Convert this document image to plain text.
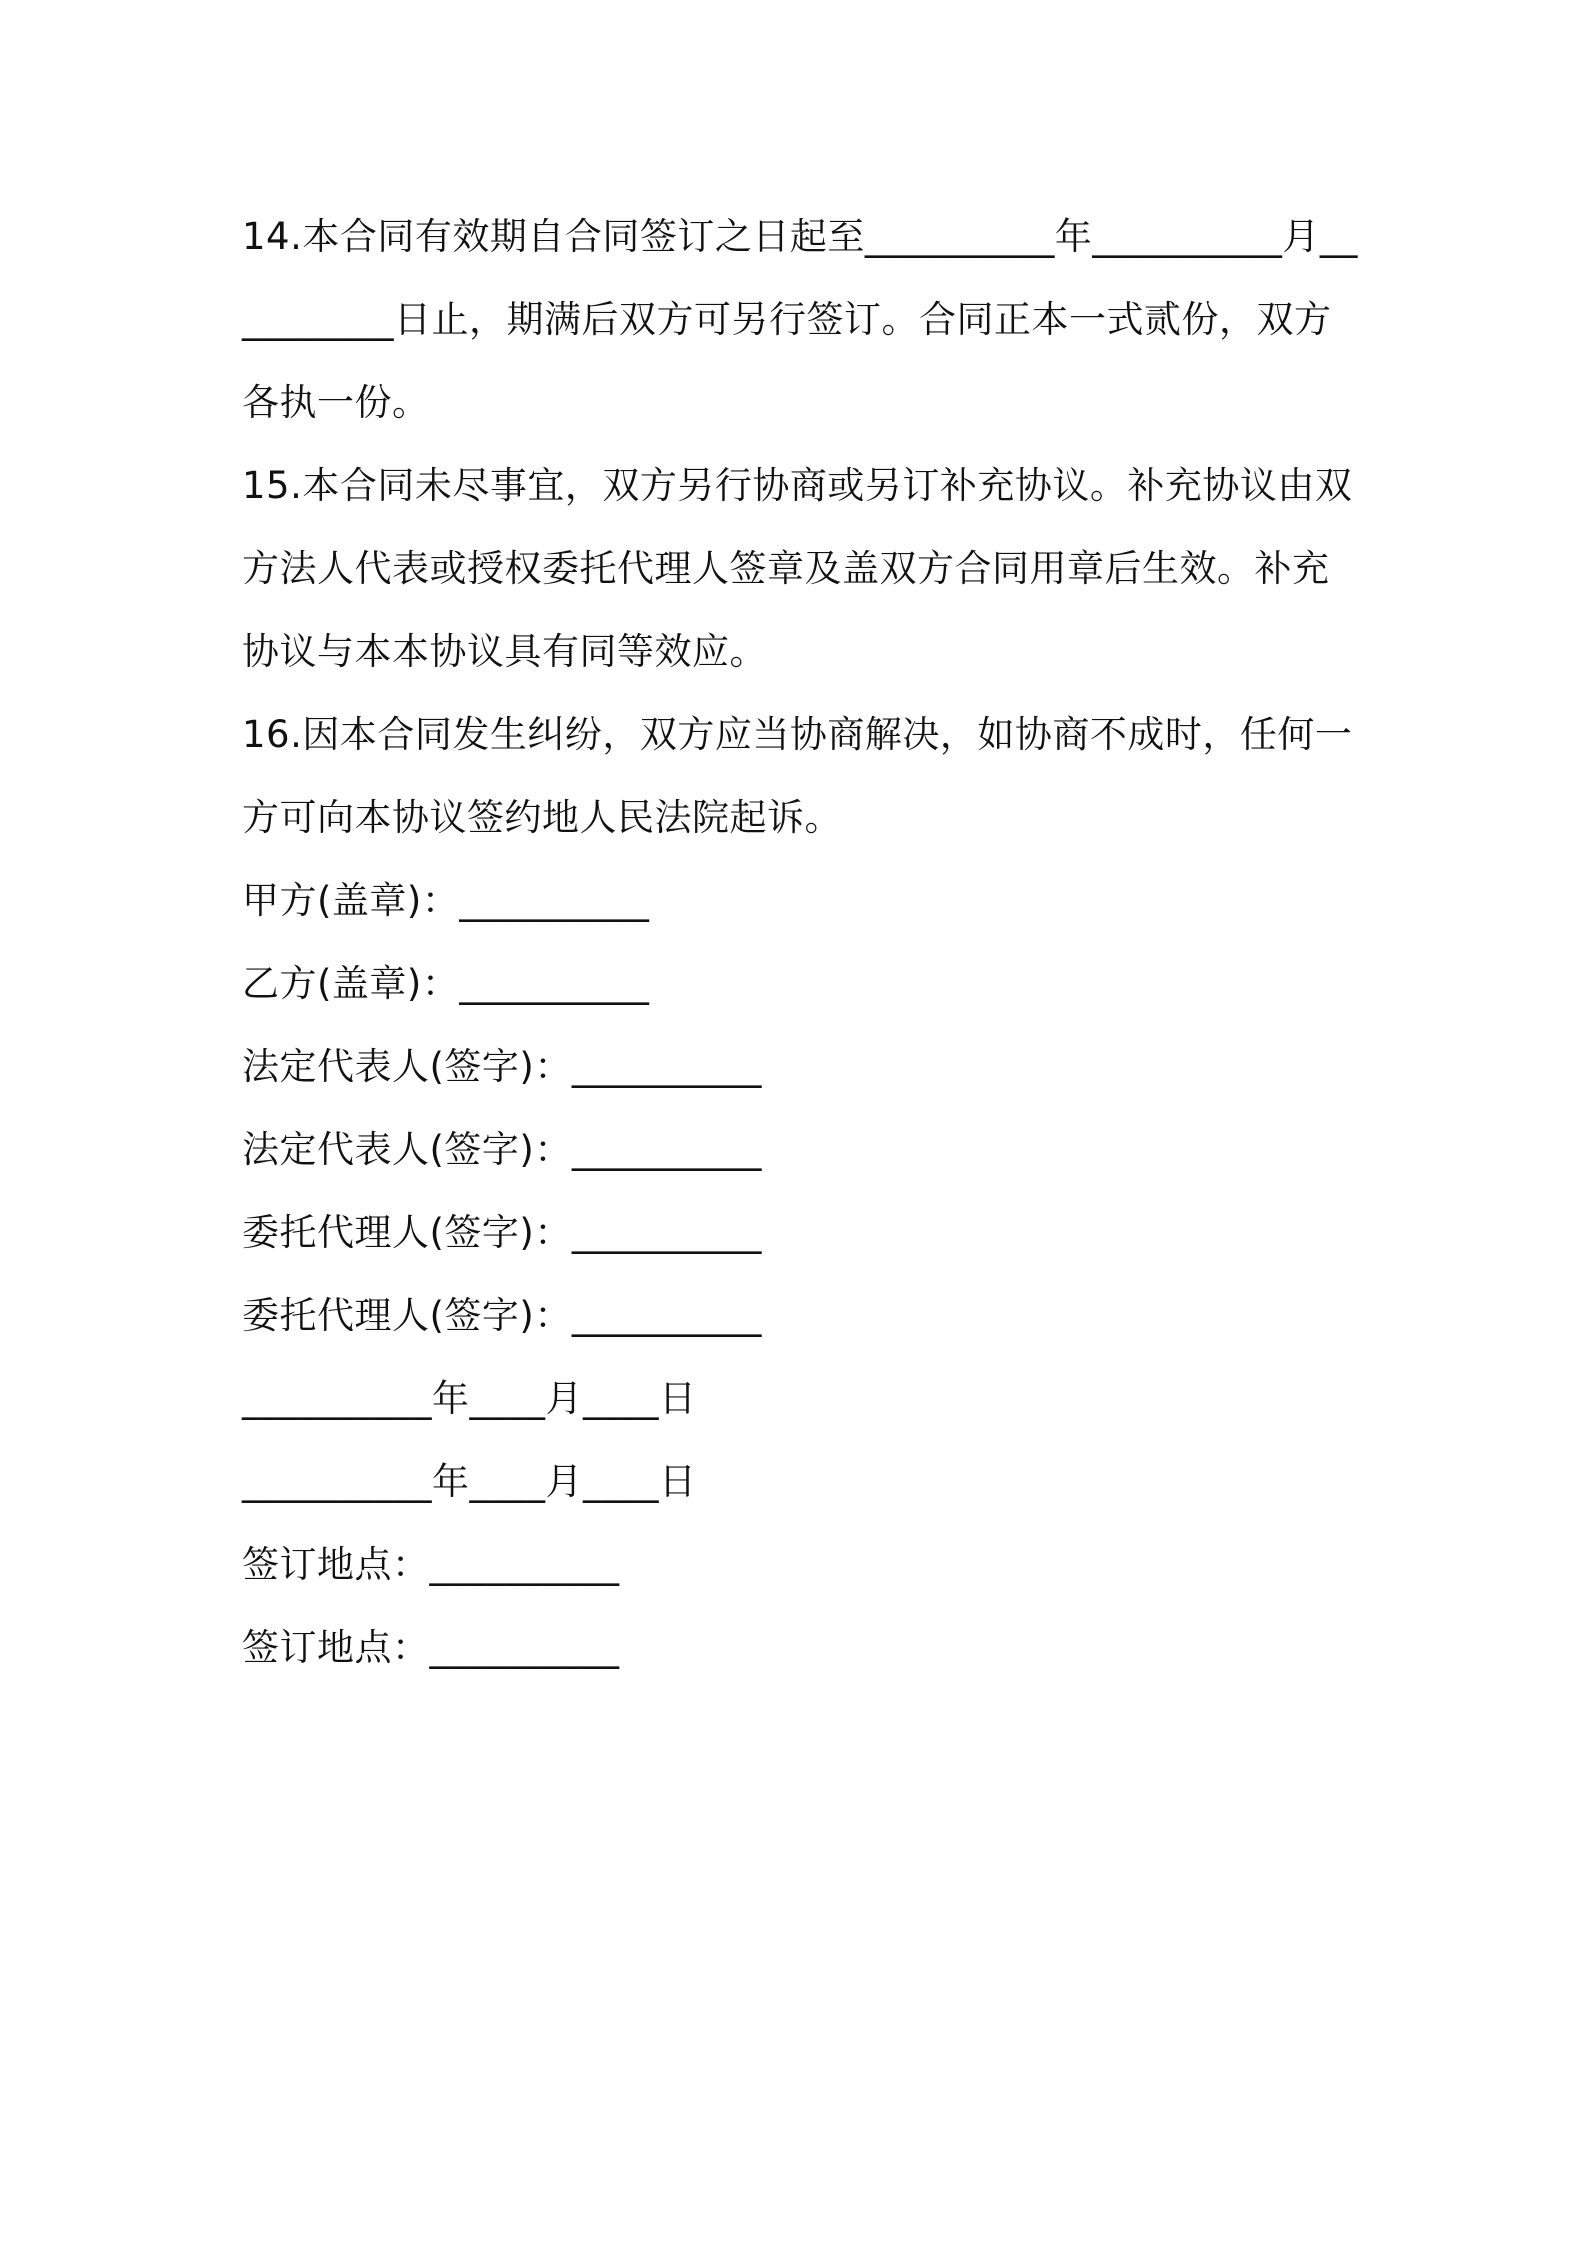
14.本合同有效期自合同签订之日起至__________年__________月__________日止，期满后双方可另行签订。合同正本一式贰份，双方各执一份。

15.本合同未尽事宜，双方另行协商或另订补充协议。补充协议由双方法人代表或授权委托代理人签章及盖双方合同用章后生效。补充协议与本本协议具有同等效应。

16.因本合同发生纠纷，双方应当协商解决，如协商不成时，任何一方可向本协议签约地人民法院起诉。

甲方(盖章)：__________

乙方(盖章)：__________

法定代表人(签字)：__________

法定代表人(签字)：__________

委托代理人(签字)：__________

委托代理人(签字)：__________

__________年____月____日

__________年____月____日

签订地点：__________

签订地点：__________
